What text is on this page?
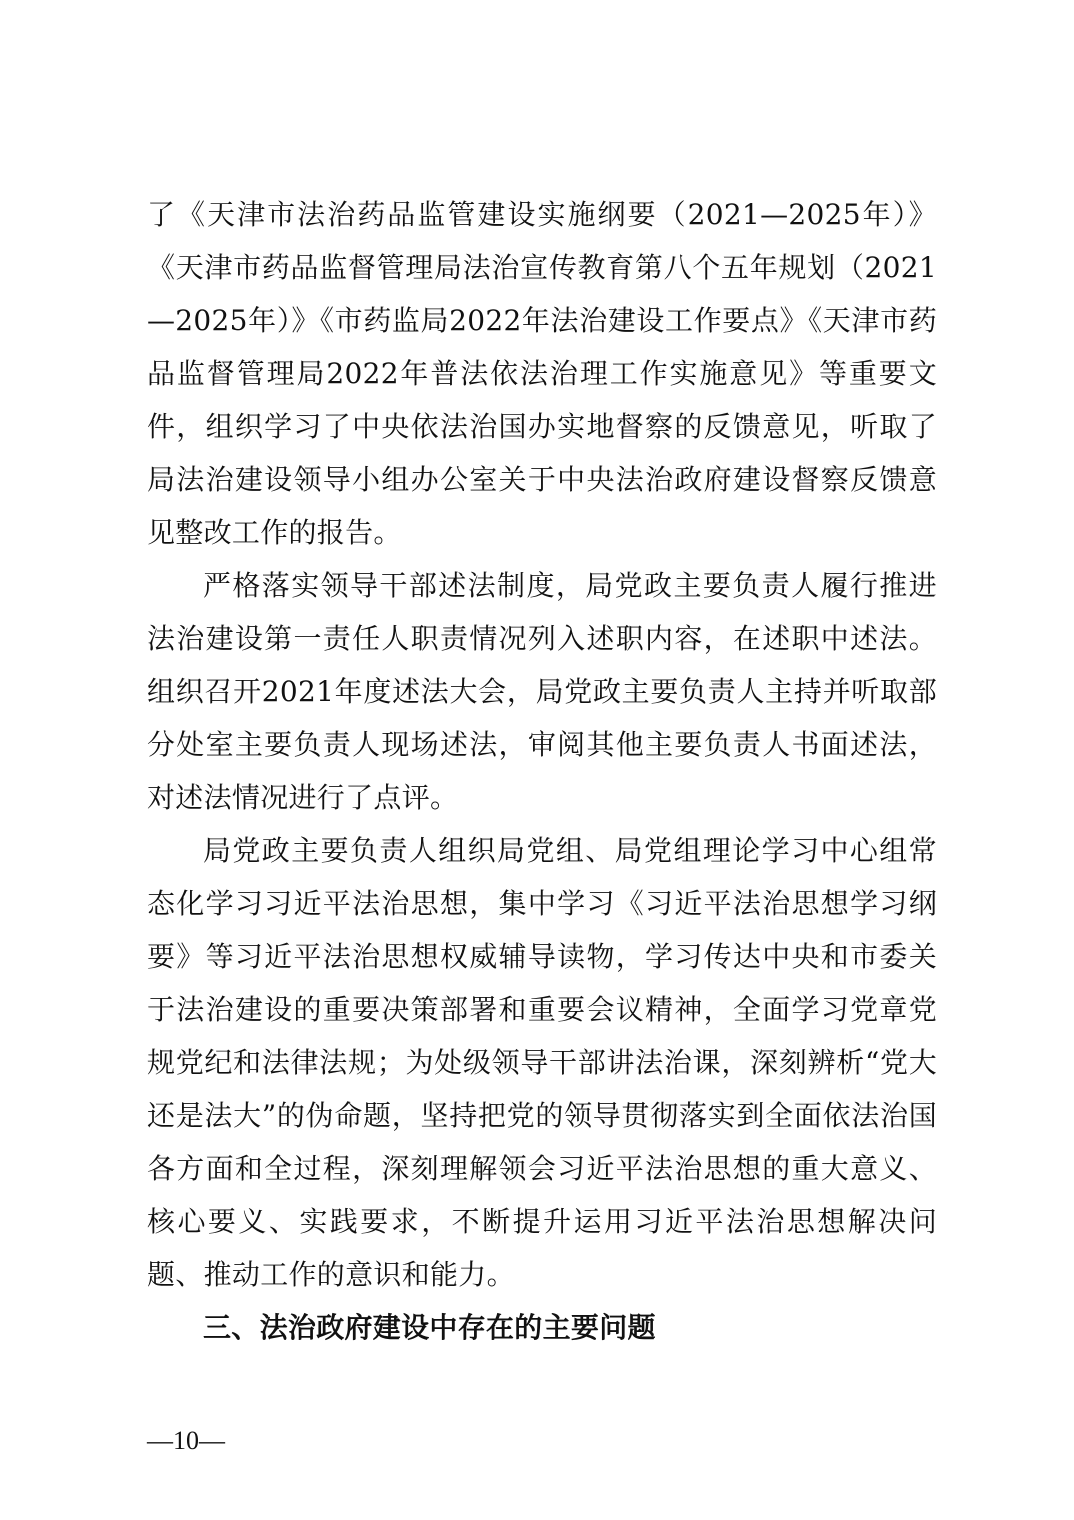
了《天津市法治药品监管建设实施纲要（2021—2025年）》《天津市药品监督管理局法治宣传教育第八个五年规划（2021—2025年）》《市药监局2022年法治建设工作要点》《天津市药品监督管理局2022年普法依法治理工作实施意见》等重要文件，组织学习了中央依法治国办实地督察的反馈意见，听取了局法治建设领导小组办公室关于中央法治政府建设督察反馈意见整改工作的报告。

严格落实领导干部述法制度，局党政主要负责人履行推进法治建设第一责任人职责情况列入述职内容，在述职中述法。组织召开2021年度述法大会，局党政主要负责人主持并听取部分处室主要负责人现场述法，审阅其他主要负责人书面述法，对述法情况进行了点评。

局党政主要负责人组织局党组、局党组理论学习中心组常态化学习习近平法治思想，集中学习《习近平法治思想学习纲要》等习近平法治思想权威辅导读物，学习传达中央和市委关于法治建设的重要决策部署和重要会议精神，全面学习党章党规党纪和法律法规；为处级领导干部讲法治课，深刻辨析“党大还是法大”的伪命题，坚持把党的领导贯彻落实到全面依法治国各方面和全过程，深刻理解领会习近平法治思想的重大意义、核心要义、实践要求，不断提升运用习近平法治思想解决问题、推动工作的意识和能力。

三、法治政府建设中存在的主要问题

—10—
